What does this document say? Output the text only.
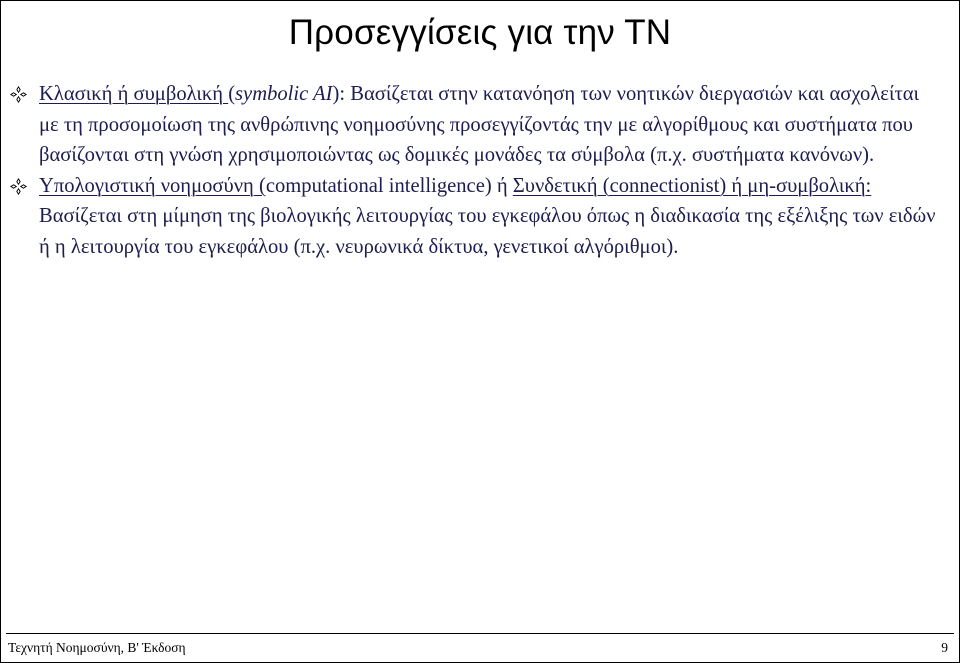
Προσεγγίσεις για την ΤΝ
Κλασική ή συμβολική (symbolic AI): Βασίζεται στην κατανόηση των νοητικών διεργασιών και ασχολείται με τη προσομοίωση της ανθρώπινης νοημοσύνης προσεγγίζοντάς την με αλγορίθμους και συστήματα που βασίζονται στη γνώση χρησιμοποιώντας ως δομικές μονάδες τα σύμβολα (π.χ. συστήματα κανόνων).
Υπολογιστική νοημοσύνη (computational intelligence) ή Συνδετική (connectionist) ή μη-συμβολική: Βασίζεται στη μίμηση της βιολογικής λειτουργίας του εγκεφάλου όπως η διαδικασία της εξέλιξης των ειδών ή η λειτουργία του εγκεφάλου (π.χ. νευρωνικά δίκτυα, γενετικοί αλγόριθμοι).
Τεχνητή Νοημοσύνη, Β' Έκδοση	9
